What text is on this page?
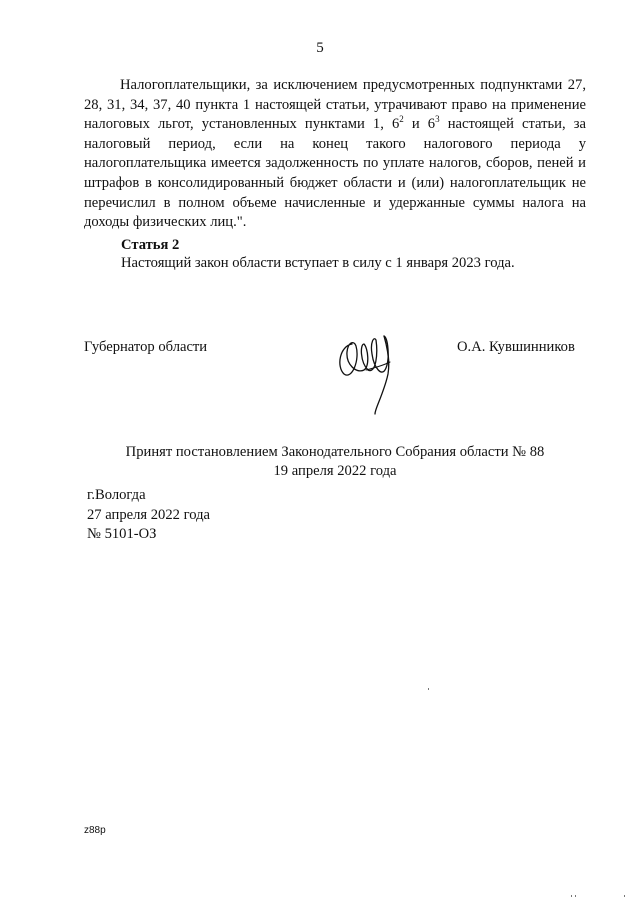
5

Налогоплательщики, за исключением предусмотренных подпунктами 27, 28, 31, 34, 37, 40 пункта 1 настоящей статьи, утрачивают право на применение налоговых льгот, установленных пунктами 1, $6^2$ и $6^3$ настоящей статьи, за налоговый период, если на конец такого налогового периода у налогоплательщика имеется задолженность по уплате налогов, сборов, пеней и штрафов в консолидированный бюджет области и (или) налогоплательщик не перечислил в полном объеме начисленные и удержанные суммы налога на доходы физических лиц.".

Статья 2
Настоящий закон области вступает в силу с 1 января 2023 года.
Губернатор области	О.А. Кувшинников
Принят постановлением Законодательного Собрания области № 88
19 апреля 2022 года
г.Вологда
27 апреля 2022 года
№ 5101-ОЗ
z88p
